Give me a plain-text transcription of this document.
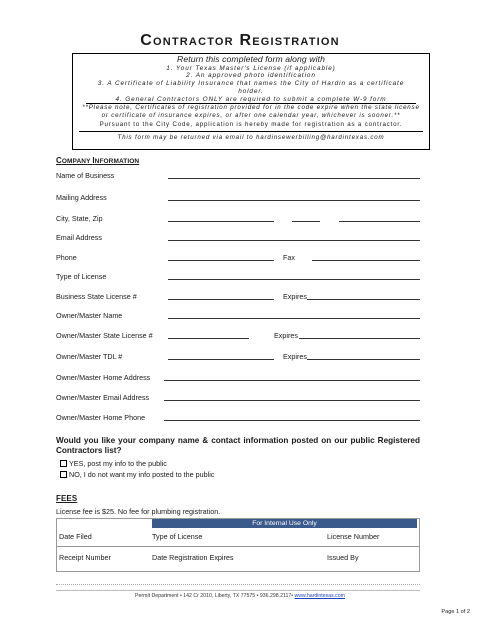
Contractor Registration
Return this completed form along with
1. Your Texas Master's License (if applicable)
2. An approved photo identification
3. A Certificate of Liability Insurance that names the City of Hardin as a certificate holder.
4. General Contractors ONLY are required to submit a complete W-9 form
**Please note, Certificates of registration provided for in the code expire when the state license or certificate of insurance expires, or after one calendar year, whichever is sooner.**
Pursuant to the City Code, application is hereby made for registration as a contractor.
This form may be returned via email to hardinsewerbilling@hardintexas.com
COMPANY INFORMATION
Name of Business
Mailing Address
City, State, Zip
Email Address
Phone	Fax
Type of License
Business State License #	Expires
Owner/Master Name
Owner/Master State License #	Expires
Owner/Master TDL #	Expires
Owner/Master Home Address
Owner/Master Email Address
Owner/Master Home Phone
Would you like your company name & contact information posted on our public Registered Contractors list?
YES, post my info to the public
NO, I do not want my info posted to the public
FEES
License fee is $25. No fee for plumbing registration.
For Internal Use Only
Date Filed	Type of License	License Number
Receipt Number	Date Registration Expires	Issued By
Permit Department • 142 Cr 2010, Liberty, TX 77575 • 936.298.2117• www.hardintexas.com
Page 1 of 2
